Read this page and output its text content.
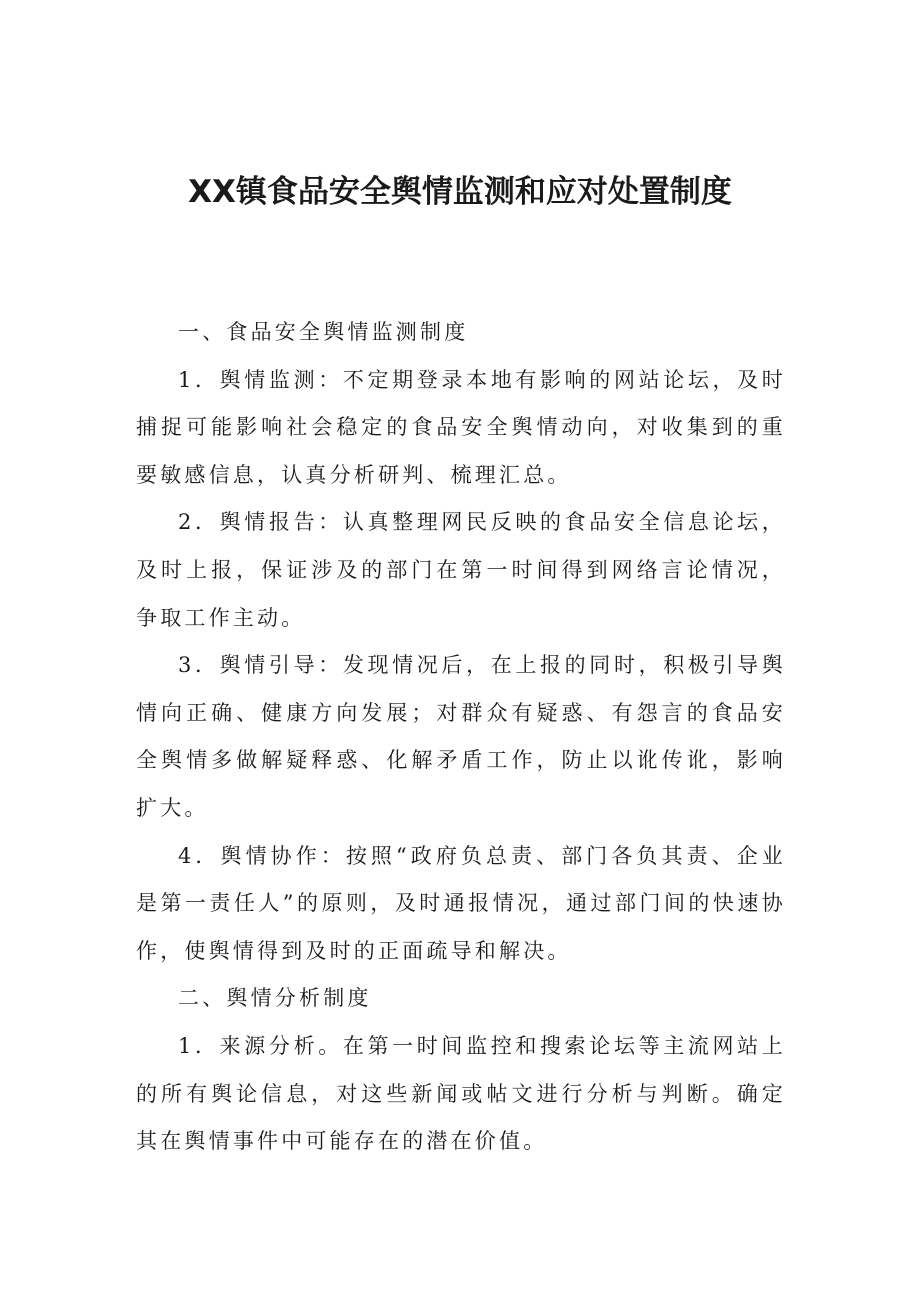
XX镇食品安全舆情监测和应对处置制度

一、食品安全舆情监测制度

1．舆情监测：不定期登录本地有影响的网站论坛，及时捕捉可能影响社会稳定的食品安全舆情动向，对收集到的重要敏感信息，认真分析研判、梳理汇总。

2．舆情报告：认真整理网民反映的食品安全信息论坛，及时上报，保证涉及的部门在第一时间得到网络言论情况，争取工作主动。

3．舆情引导：发现情况后，在上报的同时，积极引导舆情向正确、健康方向发展；对群众有疑惑、有怨言的食品安全舆情多做解疑释惑、化解矛盾工作，防止以讹传讹，影响扩大。

4．舆情协作：按照“政府负总责、部门各负其责、企业是第一责任人”的原则，及时通报情况，通过部门间的快速协作，使舆情得到及时的正面疏导和解决。

二、舆情分析制度

1．来源分析。在第一时间监控和搜索论坛等主流网站上的所有舆论信息，对这些新闻或帖文进行分析与判断。确定其在舆情事件中可能存在的潜在价值。
